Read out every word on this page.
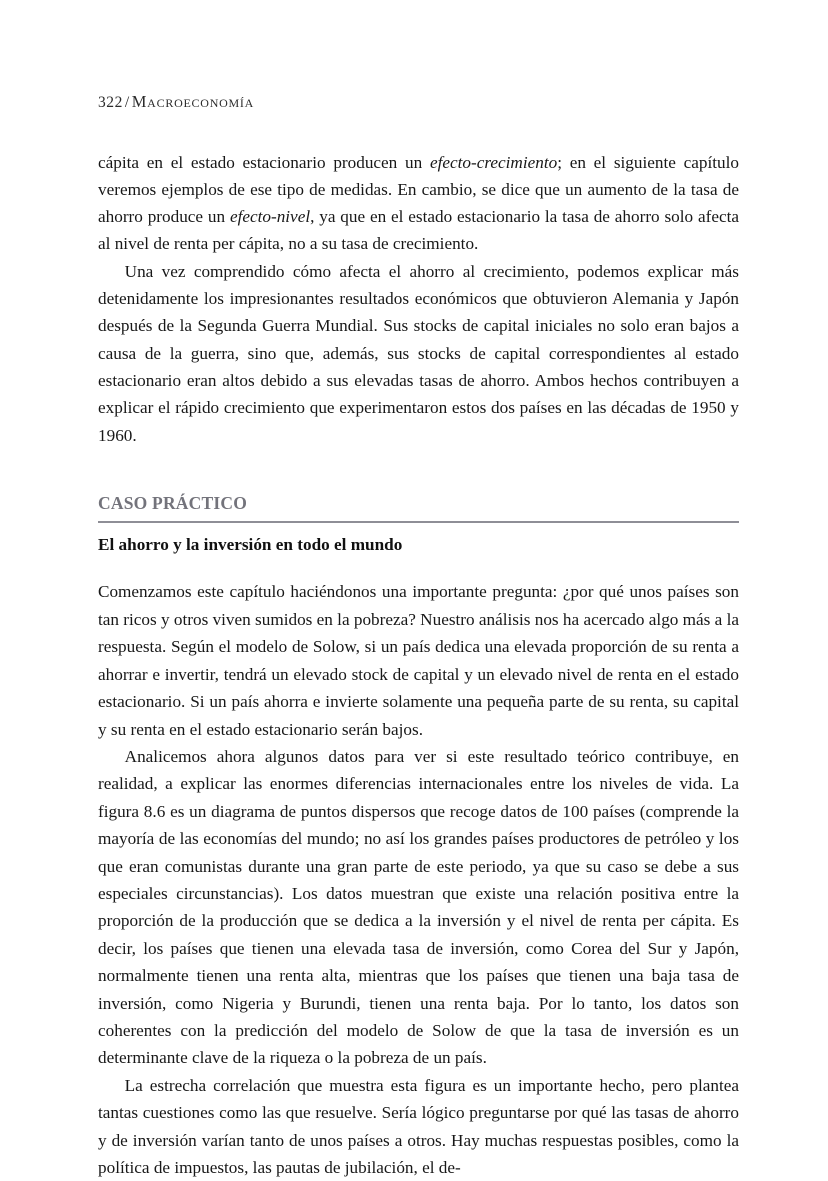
322 / Macroeconomía

cápita en el estado estacionario producen un efecto-crecimiento; en el siguiente capítulo veremos ejemplos de ese tipo de medidas. En cambio, se dice que un aumento de la tasa de ahorro produce un efecto-nivel, ya que en el estado estacionario la tasa de ahorro solo afecta al nivel de renta per cápita, no a su tasa de crecimiento.

Una vez comprendido cómo afecta el ahorro al crecimiento, podemos explicar más detenidamente los impresionantes resultados económicos que obtuvieron Alemania y Japón después de la Segunda Guerra Mundial. Sus stocks de capital iniciales no solo eran bajos a causa de la guerra, sino que, además, sus stocks de capital correspondientes al estado estacionario eran altos debido a sus elevadas tasas de ahorro. Ambos hechos contribuyen a explicar el rápido crecimiento que experimentaron estos dos países en las décadas de 1950 y 1960.

CASO PRÁCTICO
El ahorro y la inversión en todo el mundo

Comenzamos este capítulo haciéndonos una importante pregunta: ¿por qué unos países son tan ricos y otros viven sumidos en la pobreza? Nuestro análisis nos ha acercado algo más a la respuesta. Según el modelo de Solow, si un país dedica una elevada proporción de su renta a ahorrar e invertir, tendrá un elevado stock de capital y un elevado nivel de renta en el estado estacionario. Si un país ahorra e invierte solamente una pequeña parte de su renta, su capital y su renta en el estado estacionario serán bajos.

Analicemos ahora algunos datos para ver si este resultado teórico contribuye, en realidad, a explicar las enormes diferencias internacionales entre los niveles de vida. La figura 8.6 es un diagrama de puntos dispersos que recoge datos de 100 países (comprende la mayoría de las economías del mundo; no así los grandes países productores de petróleo y los que eran comunistas durante una gran parte de este periodo, ya que su caso se debe a sus especiales circunstancias). Los datos muestran que existe una relación positiva entre la proporción de la producción que se dedica a la inversión y el nivel de renta per cápita. Es decir, los países que tienen una elevada tasa de inversión, como Corea del Sur y Japón, normalmente tienen una renta alta, mientras que los países que tienen una baja tasa de inversión, como Nigeria y Burundi, tienen una renta baja. Por lo tanto, los datos son coherentes con la predicción del modelo de Solow de que la tasa de inversión es un determinante clave de la riqueza o la pobreza de un país.

La estrecha correlación que muestra esta figura es un importante hecho, pero plantea tantas cuestiones como las que resuelve. Sería lógico preguntarse por qué las tasas de ahorro y de inversión varían tanto de unos países a otros. Hay muchas respuestas posibles, como la política de impuestos, las pautas de jubilación, el de-
